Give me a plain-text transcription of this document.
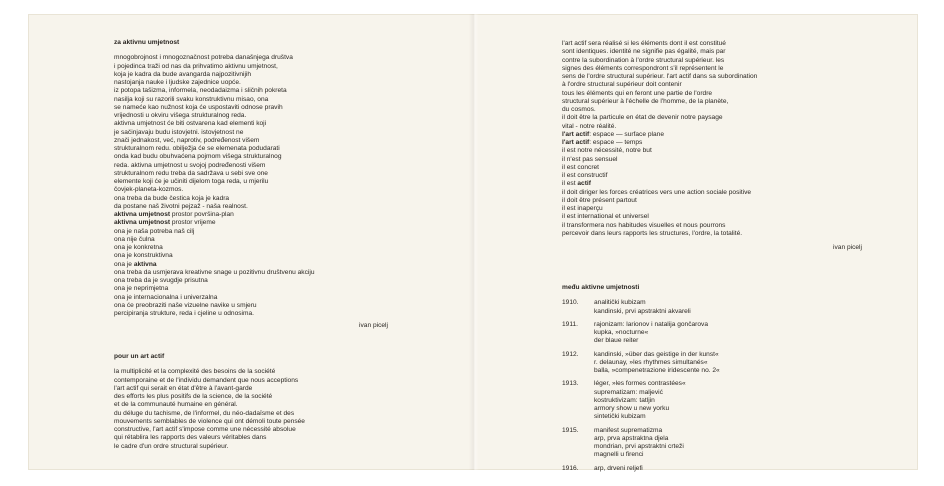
za aktivnu umjetnost
mnogobrojnost i mnogoznačnost potreba današnjega društva
i pojedinca traži od nas da prihvatimo aktivnu umjetnost,
koja je kadra da bude avangarda najpozitivnijih
nastojanja nauke i ljudske zajednice uopće.
iz potopa tašizma, informela, neodadaizma i sličnih pokreta
nasilja koji su razorili svaku konstruktivnu misao, ona
se nameće kao nužnost koja će uspostaviti odnose pravih
vrijednosti u okviru višega strukturalnog reda.
aktivna umjetnost će biti ostvarena kad elementi koji
je sačinjavaju budu istovjetni. istovjetnost ne
znači jednakost, već, naprotiv, podređenost višem
strukturalnom redu. obilježja će se elemenata podudarati
onda kad budu obuhvaćena pojmom višega strukturalnog
reda. aktivna umjetnost u svojoj podređenosti višem
strukturalnom redu treba da sadržava u sebi sve one
elemente koji će je učiniti dijelom toga reda, u mjerilu
čovjek-planeta-kozmos.
ona treba da bude čestica koja je kadra
da postane naš životni pejzaž - naša realnost.
aktivna umjetnost prostor površina-plan
aktivna umjetnost prostor vrijeme
ona je naša potreba naš cilj
ona nije čulna
ona je konkretna
ona je konstruktivna
ona je aktivna
ona treba da usmjerava kreativne snage u pozitivnu društvenu akciju
ona treba da je svugdje prisutna
ona je neprimjetna
ona je internacionalna i univerzalna
ona će preobraziti naše vizuelne navike u smjeru
percipiranja strukture, reda i cjeline u odnosima.
ivan picelj
pour un art actif
la multiplicité et la complexité des besoins de la société
contemporaine et de l'individu demandent que nous acceptions
l'art actif qui serait en état d'être à l'avant-garde
des efforts les plus positifs de la science, de la société
et de la communauté humaine en général.
du déluge du tachisme, de l'informel, du néo-dadaïsme et des
mouvements semblables de violence qui ont démoli toute pensée
constructive, l'art actif s'impose comme une nécessité absolue
qui rétablira les rapports des valeurs véritables dans
le cadre d'un ordre structural supérieur.
l'art actif sera réalisé si les éléments dont il est constitué
sont identiques. identité ne signifie pas égalité, mais par
contre la subordination à l'ordre structural supérieur. les
signes des éléments correspondront s'il représentent le
sens de l'ordre structural supérieur. l'art actif dans sa subordination
à l'ordre structural supérieur doit contenir
tous les éléments qui en feront une partie de l'ordre
structural supérieur à l'échelle de l'homme, de la planète,
du cosmos.
il doit être la particule en état de devenir notre paysage
vital - notre réalité.
l'art actif: espace — surface plane
l'art actif: espace — temps
il est notre nécessité, notre but
il n'est pas sensuel
il est concret
il est constructif
il est actif
il doit diriger les forces créatrices vers une action sociale positive
il doit être présent partout
il est inaperçu
il est international et universel
il transformera nos habitudes visuelles et nous pourrons
percevoir dans leurs rapports les structures, l'ordre, la totalité.
ivan picelj
među aktivne umjetnosti
1910.	analitički kubizam
kandinski, prvi apstraktni akvareli
1911.	rajonizam: larionov i natalija gončarova
kupka, »nocturne«
der blaue reiter
1912.	kandinski, »über das geistige in der kunst«
r. delaunay, »les rhythmes simultanés«
balla, »compenetrazione iridescente no. 2«
1913.	léger, »les formes contrastées«
suprematizam: maljević
kostruktivizam: tatljin
armory show u new yorku
sintetički kubizam
1915.	manifest suprematizma
arp, prva apstraktna djela
mondrian, prvi apstraktni crteži
magnelli u firenci
1916.	arp, drveni reljefi
